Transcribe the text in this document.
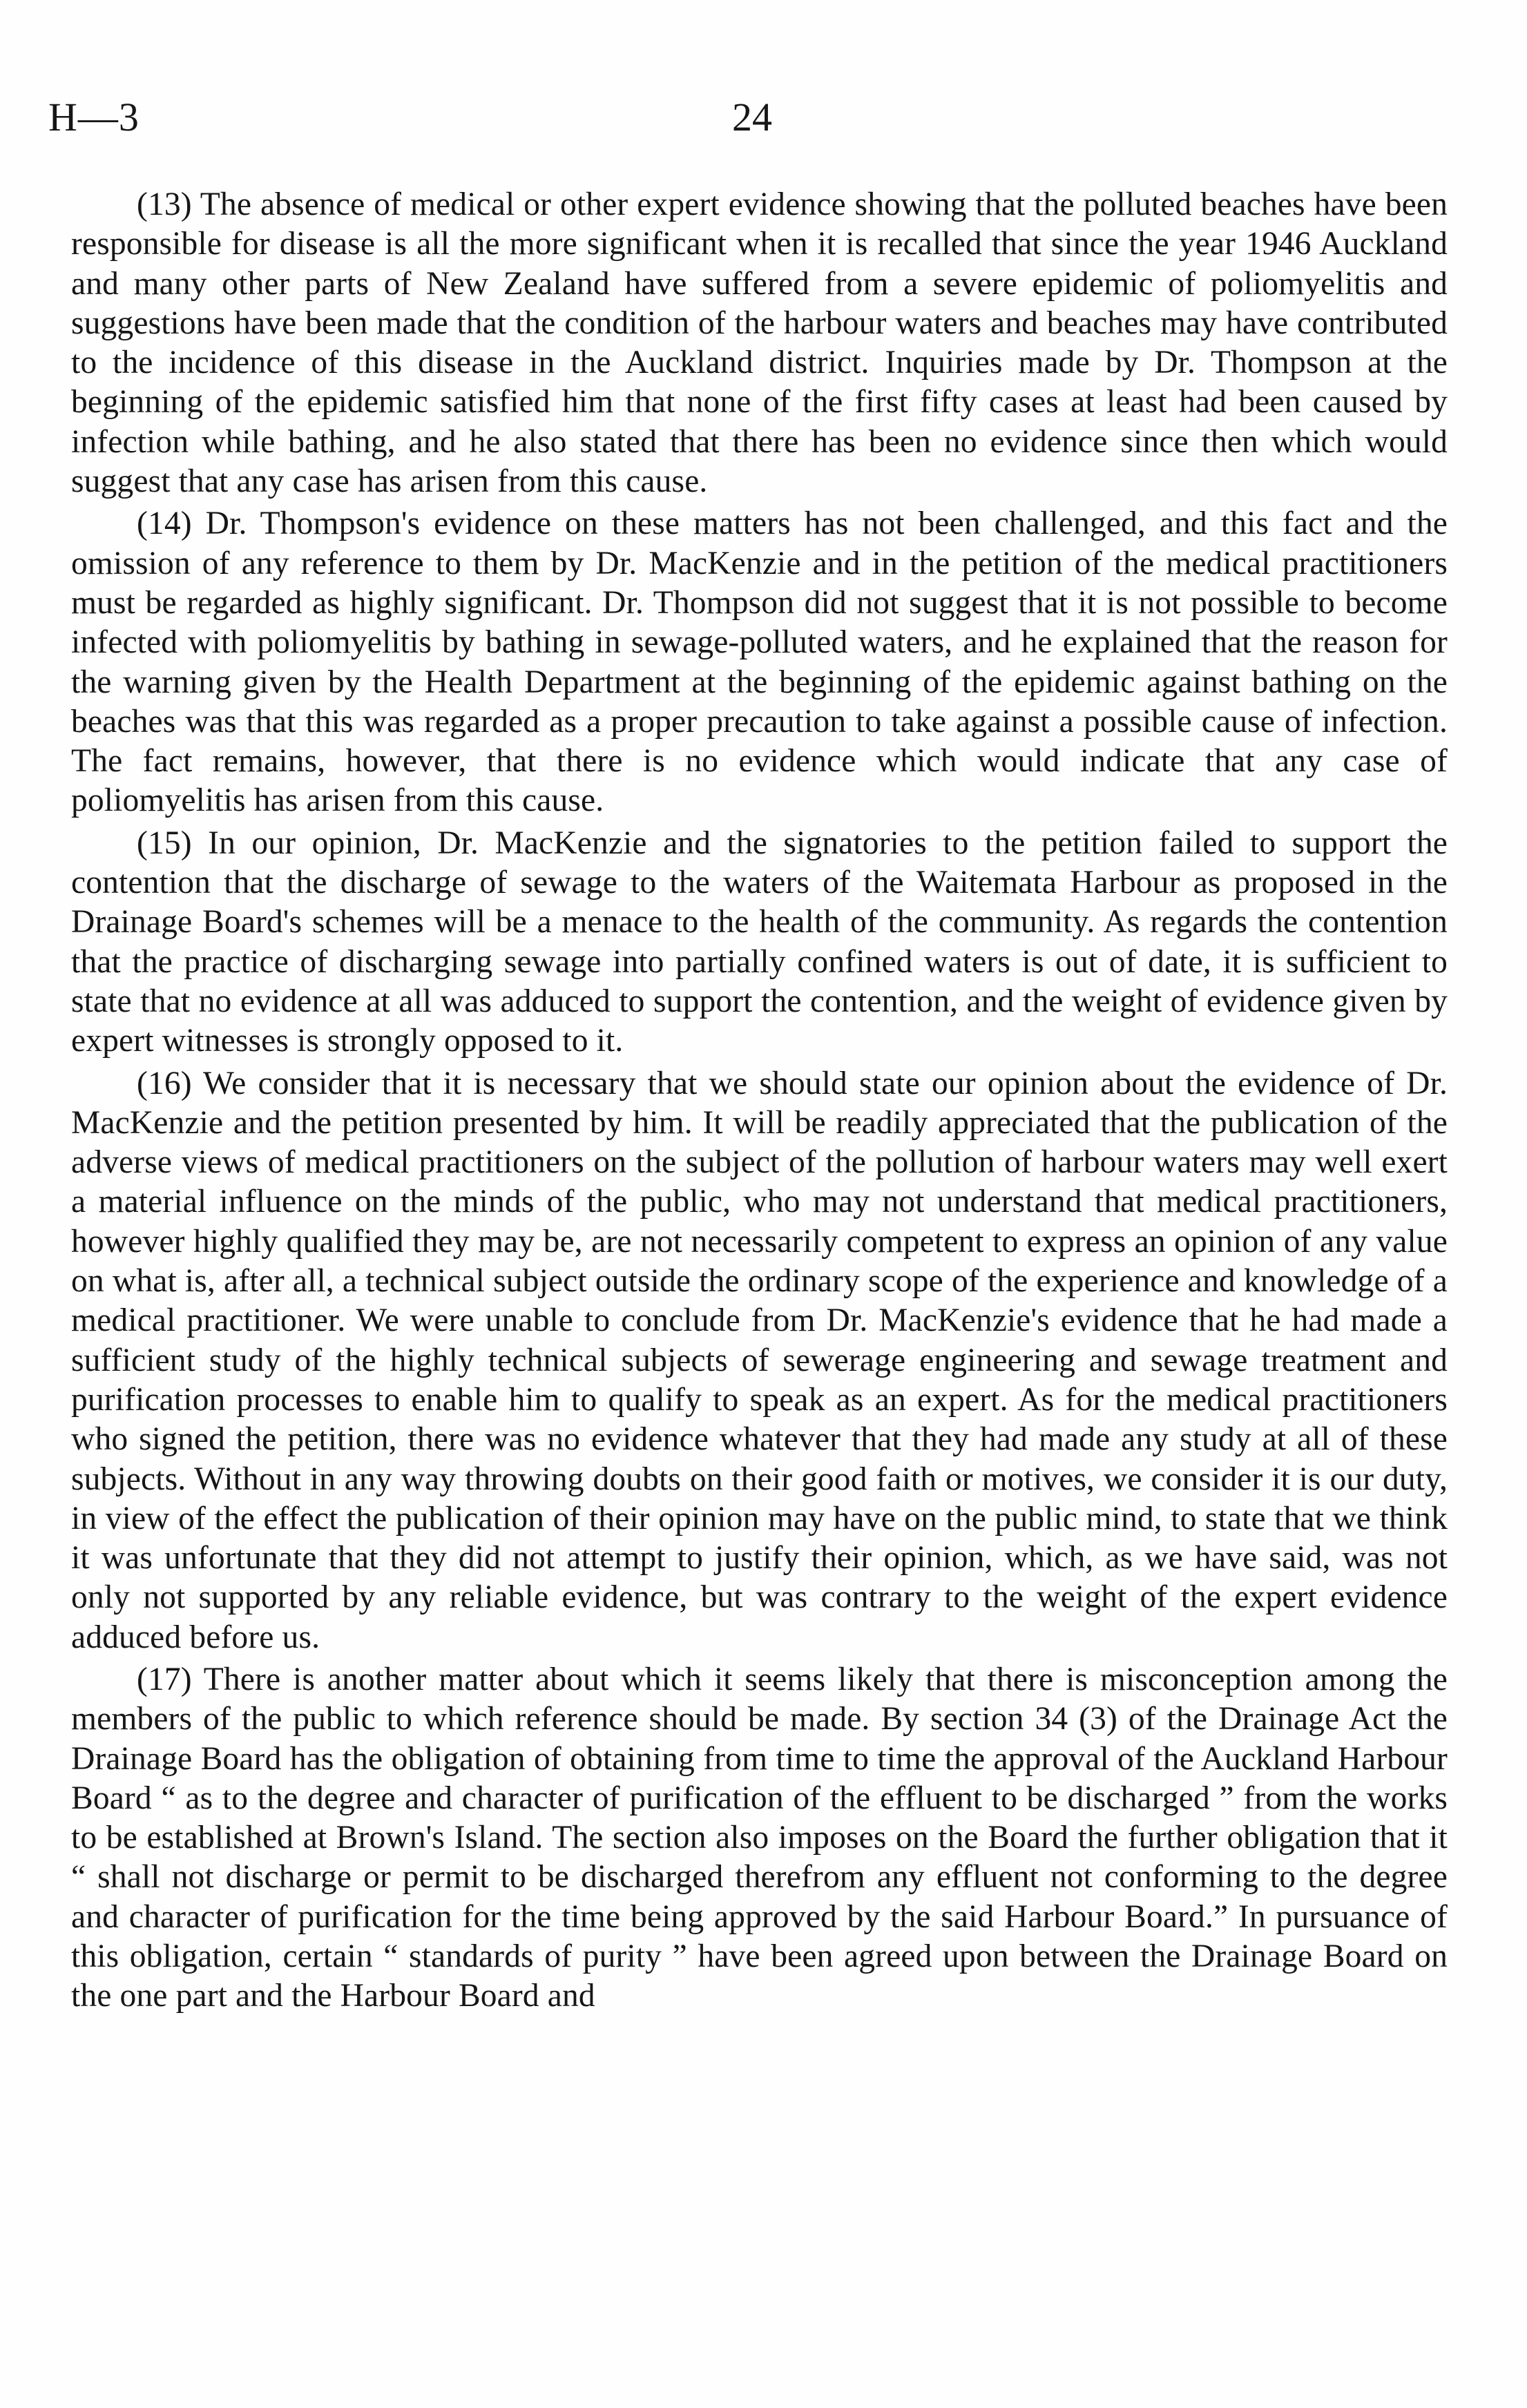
H—3	24

(13) The absence of medical or other expert evidence showing that the polluted beaches have been responsible for disease is all the more significant when it is recalled that since the year 1946 Auckland and many other parts of New Zealand have suffered from a severe epidemic of poliomyelitis and suggestions have been made that the condition of the harbour waters and beaches may have contributed to the incidence of this disease in the Auckland district. Inquiries made by Dr. Thompson at the beginning of the epidemic satisfied him that none of the first fifty cases at least had been caused by infection while bathing, and he also stated that there has been no evidence since then which would suggest that any case has arisen from this cause.

(14) Dr. Thompson's evidence on these matters has not been challenged, and this fact and the omission of any reference to them by Dr. MacKenzie and in the petition of the medical practitioners must be regarded as highly significant. Dr. Thompson did not suggest that it is not possible to become infected with poliomyelitis by bathing in sewage-polluted waters, and he explained that the reason for the warning given by the Health Department at the beginning of the epidemic against bathing on the beaches was that this was regarded as a proper precaution to take against a possible cause of infection. The fact remains, however, that there is no evidence which would indicate that any case of poliomyelitis has arisen from this cause.

(15) In our opinion, Dr. MacKenzie and the signatories to the petition failed to support the contention that the discharge of sewage to the waters of the Waitemata Harbour as proposed in the Drainage Board's schemes will be a menace to the health of the community. As regards the contention that the practice of discharging sewage into partially confined waters is out of date, it is sufficient to state that no evidence at all was adduced to support the contention, and the weight of evidence given by expert witnesses is strongly opposed to it.

(16) We consider that it is necessary that we should state our opinion about the evidence of Dr. MacKenzie and the petition presented by him. It will be readily appreciated that the publication of the adverse views of medical practitioners on the subject of the pollution of harbour waters may well exert a material influence on the minds of the public, who may not understand that medical practitioners, however highly qualified they may be, are not necessarily competent to express an opinion of any value on what is, after all, a technical subject outside the ordinary scope of the experience and knowledge of a medical practitioner. We were unable to conclude from Dr. MacKenzie's evidence that he had made a sufficient study of the highly technical subjects of sewerage engineering and sewage treatment and purification processes to enable him to qualify to speak as an expert. As for the medical practitioners who signed the petition, there was no evidence whatever that they had made any study at all of these subjects. Without in any way throwing doubts on their good faith or motives, we consider it is our duty, in view of the effect the publication of their opinion may have on the public mind, to state that we think it was unfortunate that they did not attempt to justify their opinion, which, as we have said, was not only not supported by any reliable evidence, but was contrary to the weight of the expert evidence adduced before us.

(17) There is another matter about which it seems likely that there is misconception among the members of the public to which reference should be made. By section 34 (3) of the Drainage Act the Drainage Board has the obligation of obtaining from time to time the approval of the Auckland Harbour Board “ as to the degree and character of purification of the effluent to be discharged ” from the works to be established at Brown's Island. The section also imposes on the Board the further obligation that it “ shall not discharge or permit to be discharged therefrom any effluent not conforming to the degree and character of purification for the time being approved by the said Harbour Board.” In pursuance of this obligation, certain “ standards of purity ” have been agreed upon between the Drainage Board on the one part and the Harbour Board and
